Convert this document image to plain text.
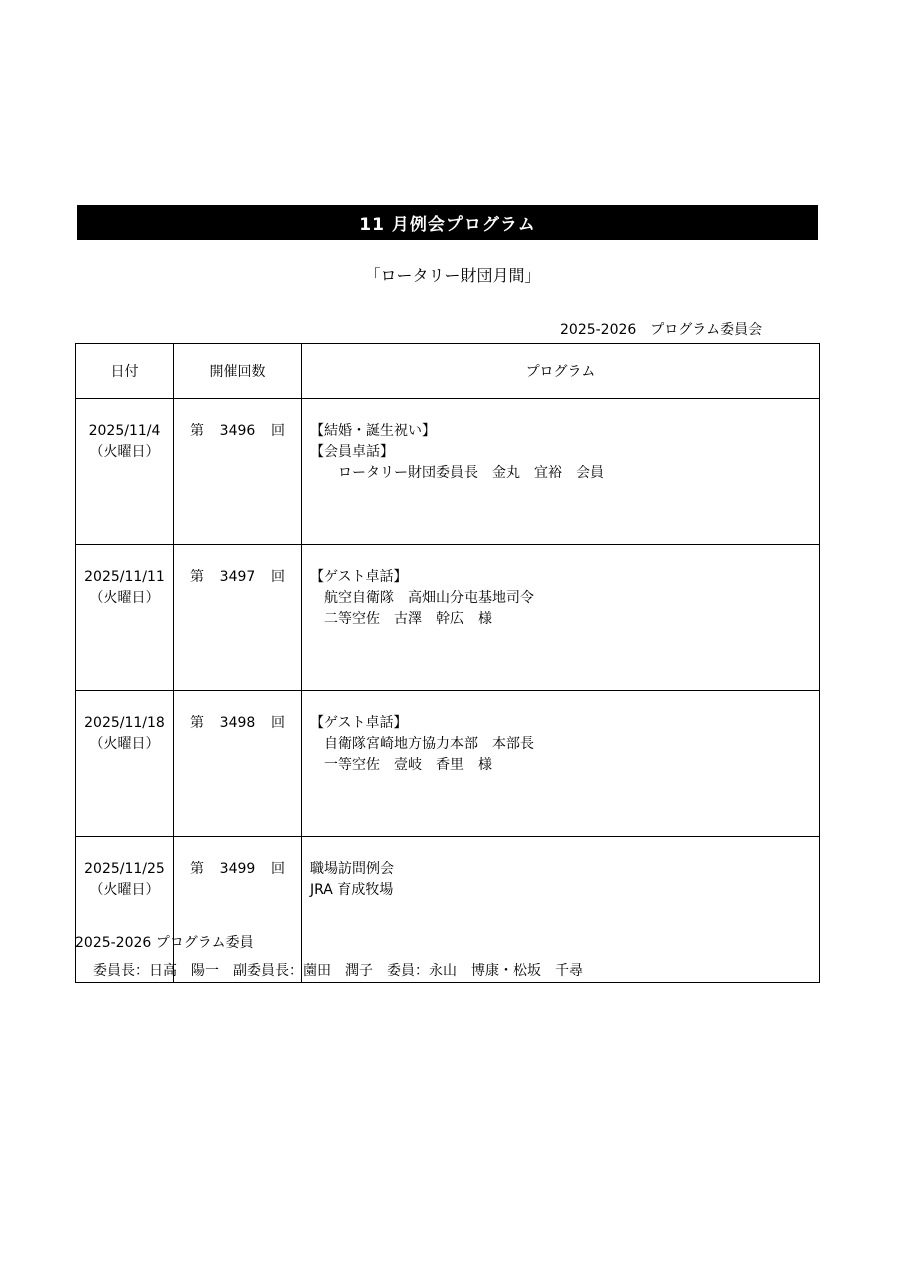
11 月例会プログラム
「ロータリー財団月間」
2025-2026　プログラム委員会
日付	開催回数	プログラム

2025/11/4
（火曜日）	第 3496 回	【結婚・誕生祝い】
【会員卓話】
　　ロータリー財団委員長　金丸　宜裕　会員

2025/11/11
（火曜日）	第 3497 回	【ゲスト卓話】
　航空自衛隊　高畑山分屯基地司令
　二等空佐　古澤　幹広　様

2025/11/18
（火曜日）	第 3498 回	【ゲスト卓話】
　自衛隊宮崎地方協力本部　本部長
　一等空佐　壹岐　香里　様

2025/11/25
（火曜日）	第 3499 回	職場訪問例会
JRA 育成牧場
2025-2026 プログラム委員
委員長：日高　陽一　副委員長：薗田　潤子　委員：永山　博康・松坂　千尋
